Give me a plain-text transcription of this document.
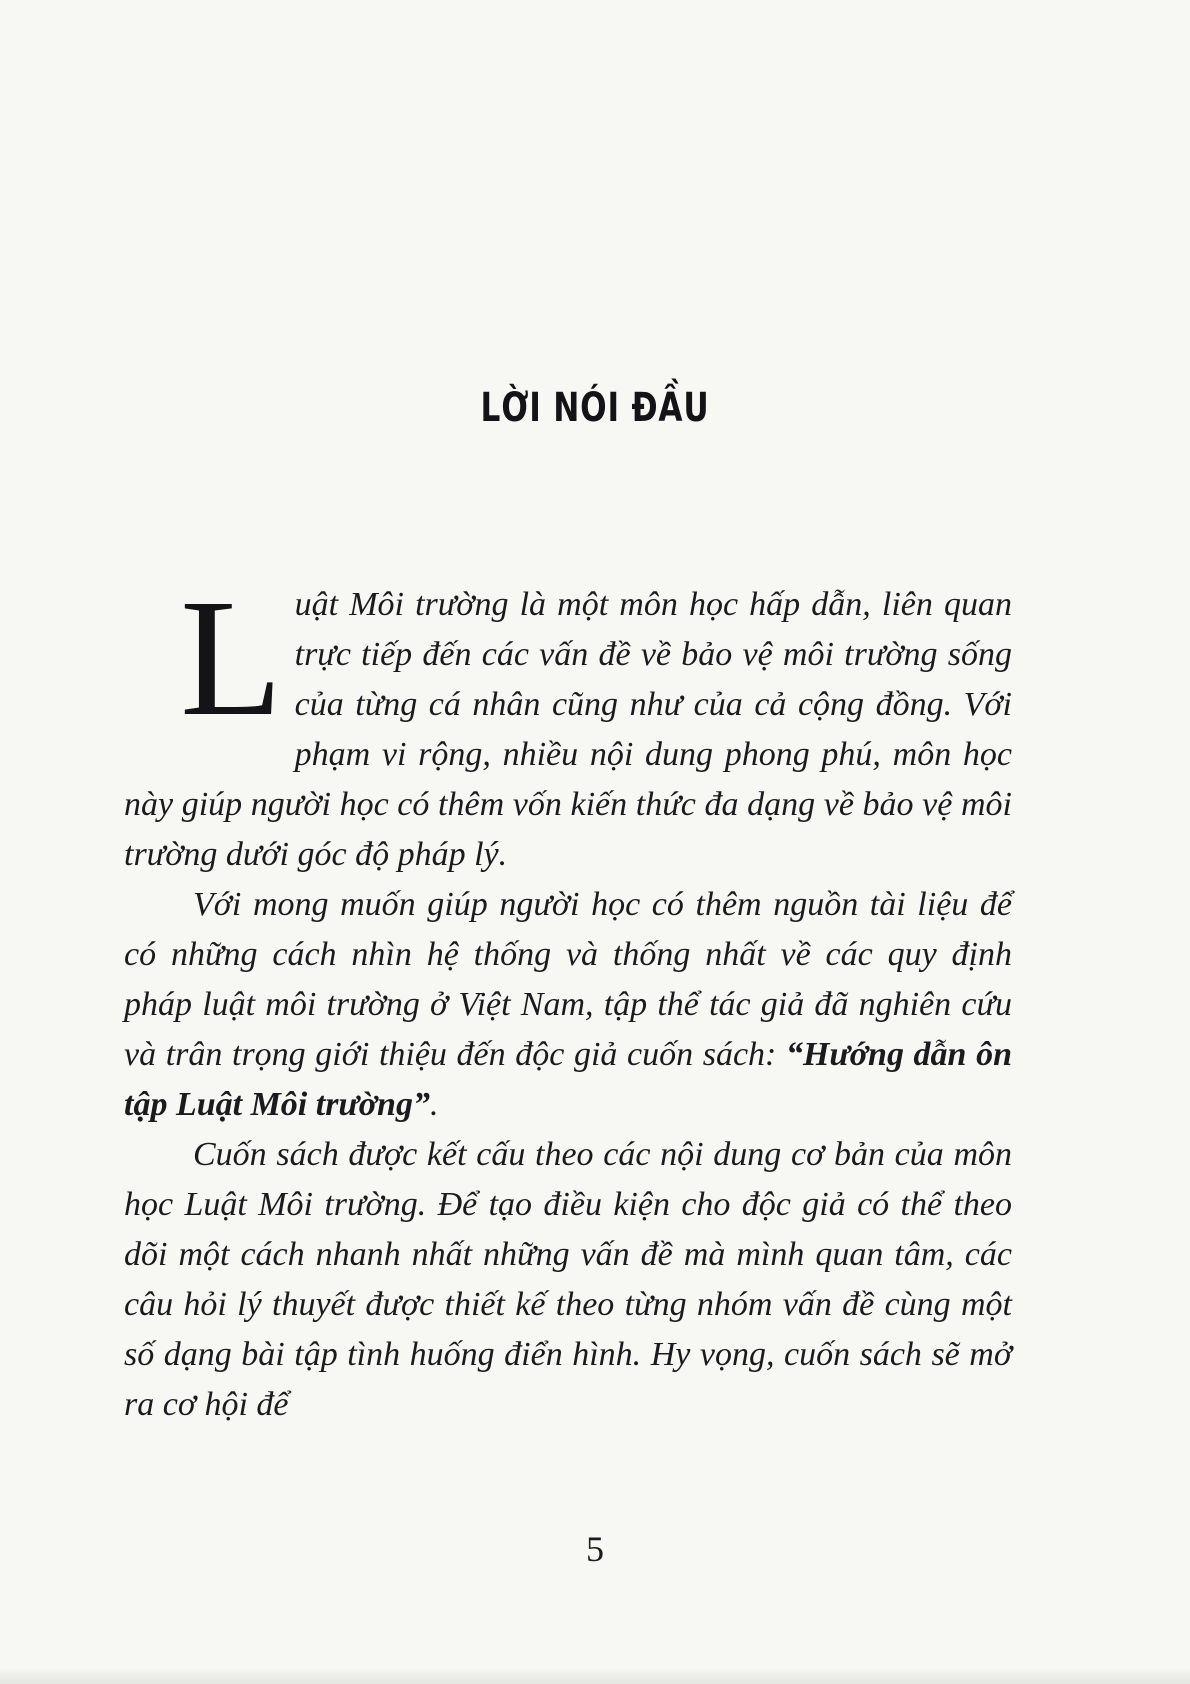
LỜI NÓI ĐẦU

Luật Môi trường là một môn học hấp dẫn, liên quan trực tiếp đến các vấn đề về bảo vệ môi trường sống của từng cá nhân cũng như của cả cộng đồng. Với phạm vi rộng, nhiều nội dung phong phú, môn học này giúp người học có thêm vốn kiến thức đa dạng về bảo vệ môi trường dưới góc độ pháp lý.

Với mong muốn giúp người học có thêm nguồn tài liệu để có những cách nhìn hệ thống và thống nhất về các quy định pháp luật môi trường ở Việt Nam, tập thể tác giả đã nghiên cứu và trân trọng giới thiệu đến độc giả cuốn sách: “Hướng dẫn ôn tập Luật Môi trường”.

Cuốn sách được kết cấu theo các nội dung cơ bản của môn học Luật Môi trường. Để tạo điều kiện cho độc giả có thể theo dõi một cách nhanh nhất những vấn đề mà mình quan tâm, các câu hỏi lý thuyết được thiết kế theo từng nhóm vấn đề cùng một số dạng bài tập tình huống điển hình. Hy vọng, cuốn sách sẽ mở ra cơ hội để

5
